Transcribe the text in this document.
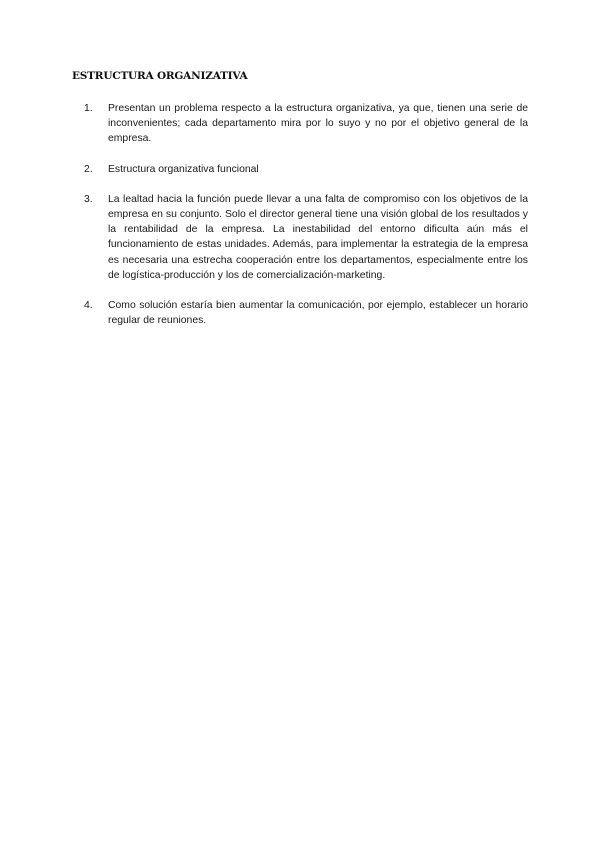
ESTRUCTURA ORGANIZATIVA
1.	Presentan un problema respecto a la estructura organizativa, ya que, tienen una serie de inconvenientes; cada departamento mira por lo suyo y no por el objetivo general de la empresa.
2.	Estructura organizativa funcional
3.	La lealtad hacia la función puede llevar a una falta de compromiso con los objetivos de la empresa en su conjunto. Solo el director general tiene una visión global de los resultados y la rentabilidad de la empresa. La inestabilidad del entorno dificulta aún más el funcionamiento de estas unidades. Además, para implementar la estrategia de la empresa es necesaria una estrecha cooperación entre los departamentos, especialmente entre los de logística-producción y los de comercialización-marketing.
4.	Como solución estaría bien aumentar la comunicación, por ejemplo, establecer un horario regular de reuniones.
